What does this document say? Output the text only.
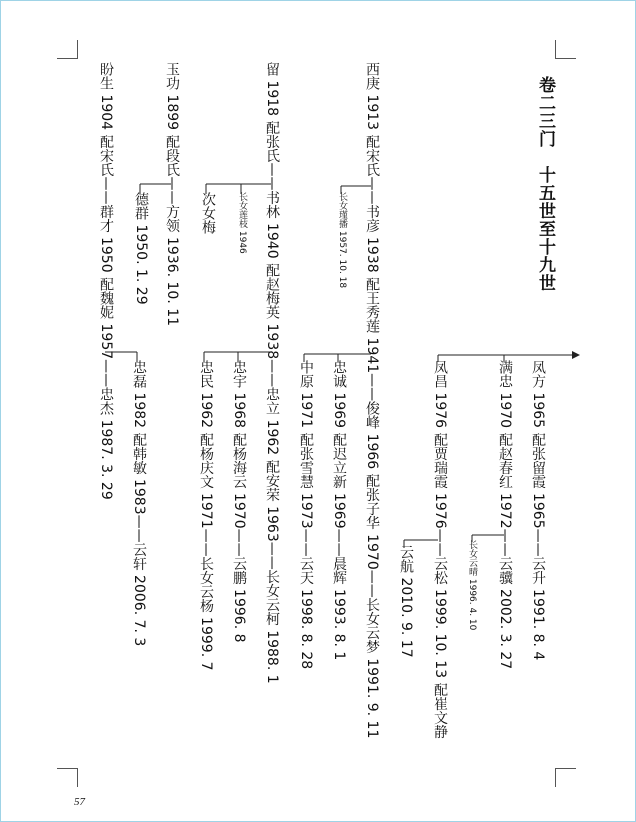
卷二三门　十五世至十九世
凤方 1965 配张留霞 1965——云升 1991. 8. 4
满忠 1970 配赵春红 1972——云骥 2002. 3. 27
长女云晴 1996. 4. 10
凤昌 1976 配贾瑞霞 1976——云松 1999. 10. 13 配崔文静
云航 2010. 9. 17
西庚 1913 配宋氏——书彦 1938 配王秀莲 1941——俊峰 1966 配张子华 1970——长女云梦 1991. 9. 11
长女瑾播 1957. 10. 18
忠诚 1969 配迟立新 1969——晨辉 1993. 8. 1
中原 1971 配张雪慧 1973——云天 1998. 8. 28
留 1918 配张氏——书林 1940 配赵梅英 1938——忠立 1962 配安荣 1963——长女云柯 1988. 1
长女莲枝 1946
忠宇 1968 配杨海云 1970——云鹏 1996. 8
次女梅
忠民 1962 配杨庆文 1971——长女云杨 1999. 7
玉功 1899 配段氏——方领 1936. 10. 11
德群 1950. 1. 29
忠磊 1982 配韩敏 1983——云轩 2006. 7. 3
盼生 1904 配宋氏——群才 1950 配魏妮 1957——忠杰 1987. 3. 29
57
